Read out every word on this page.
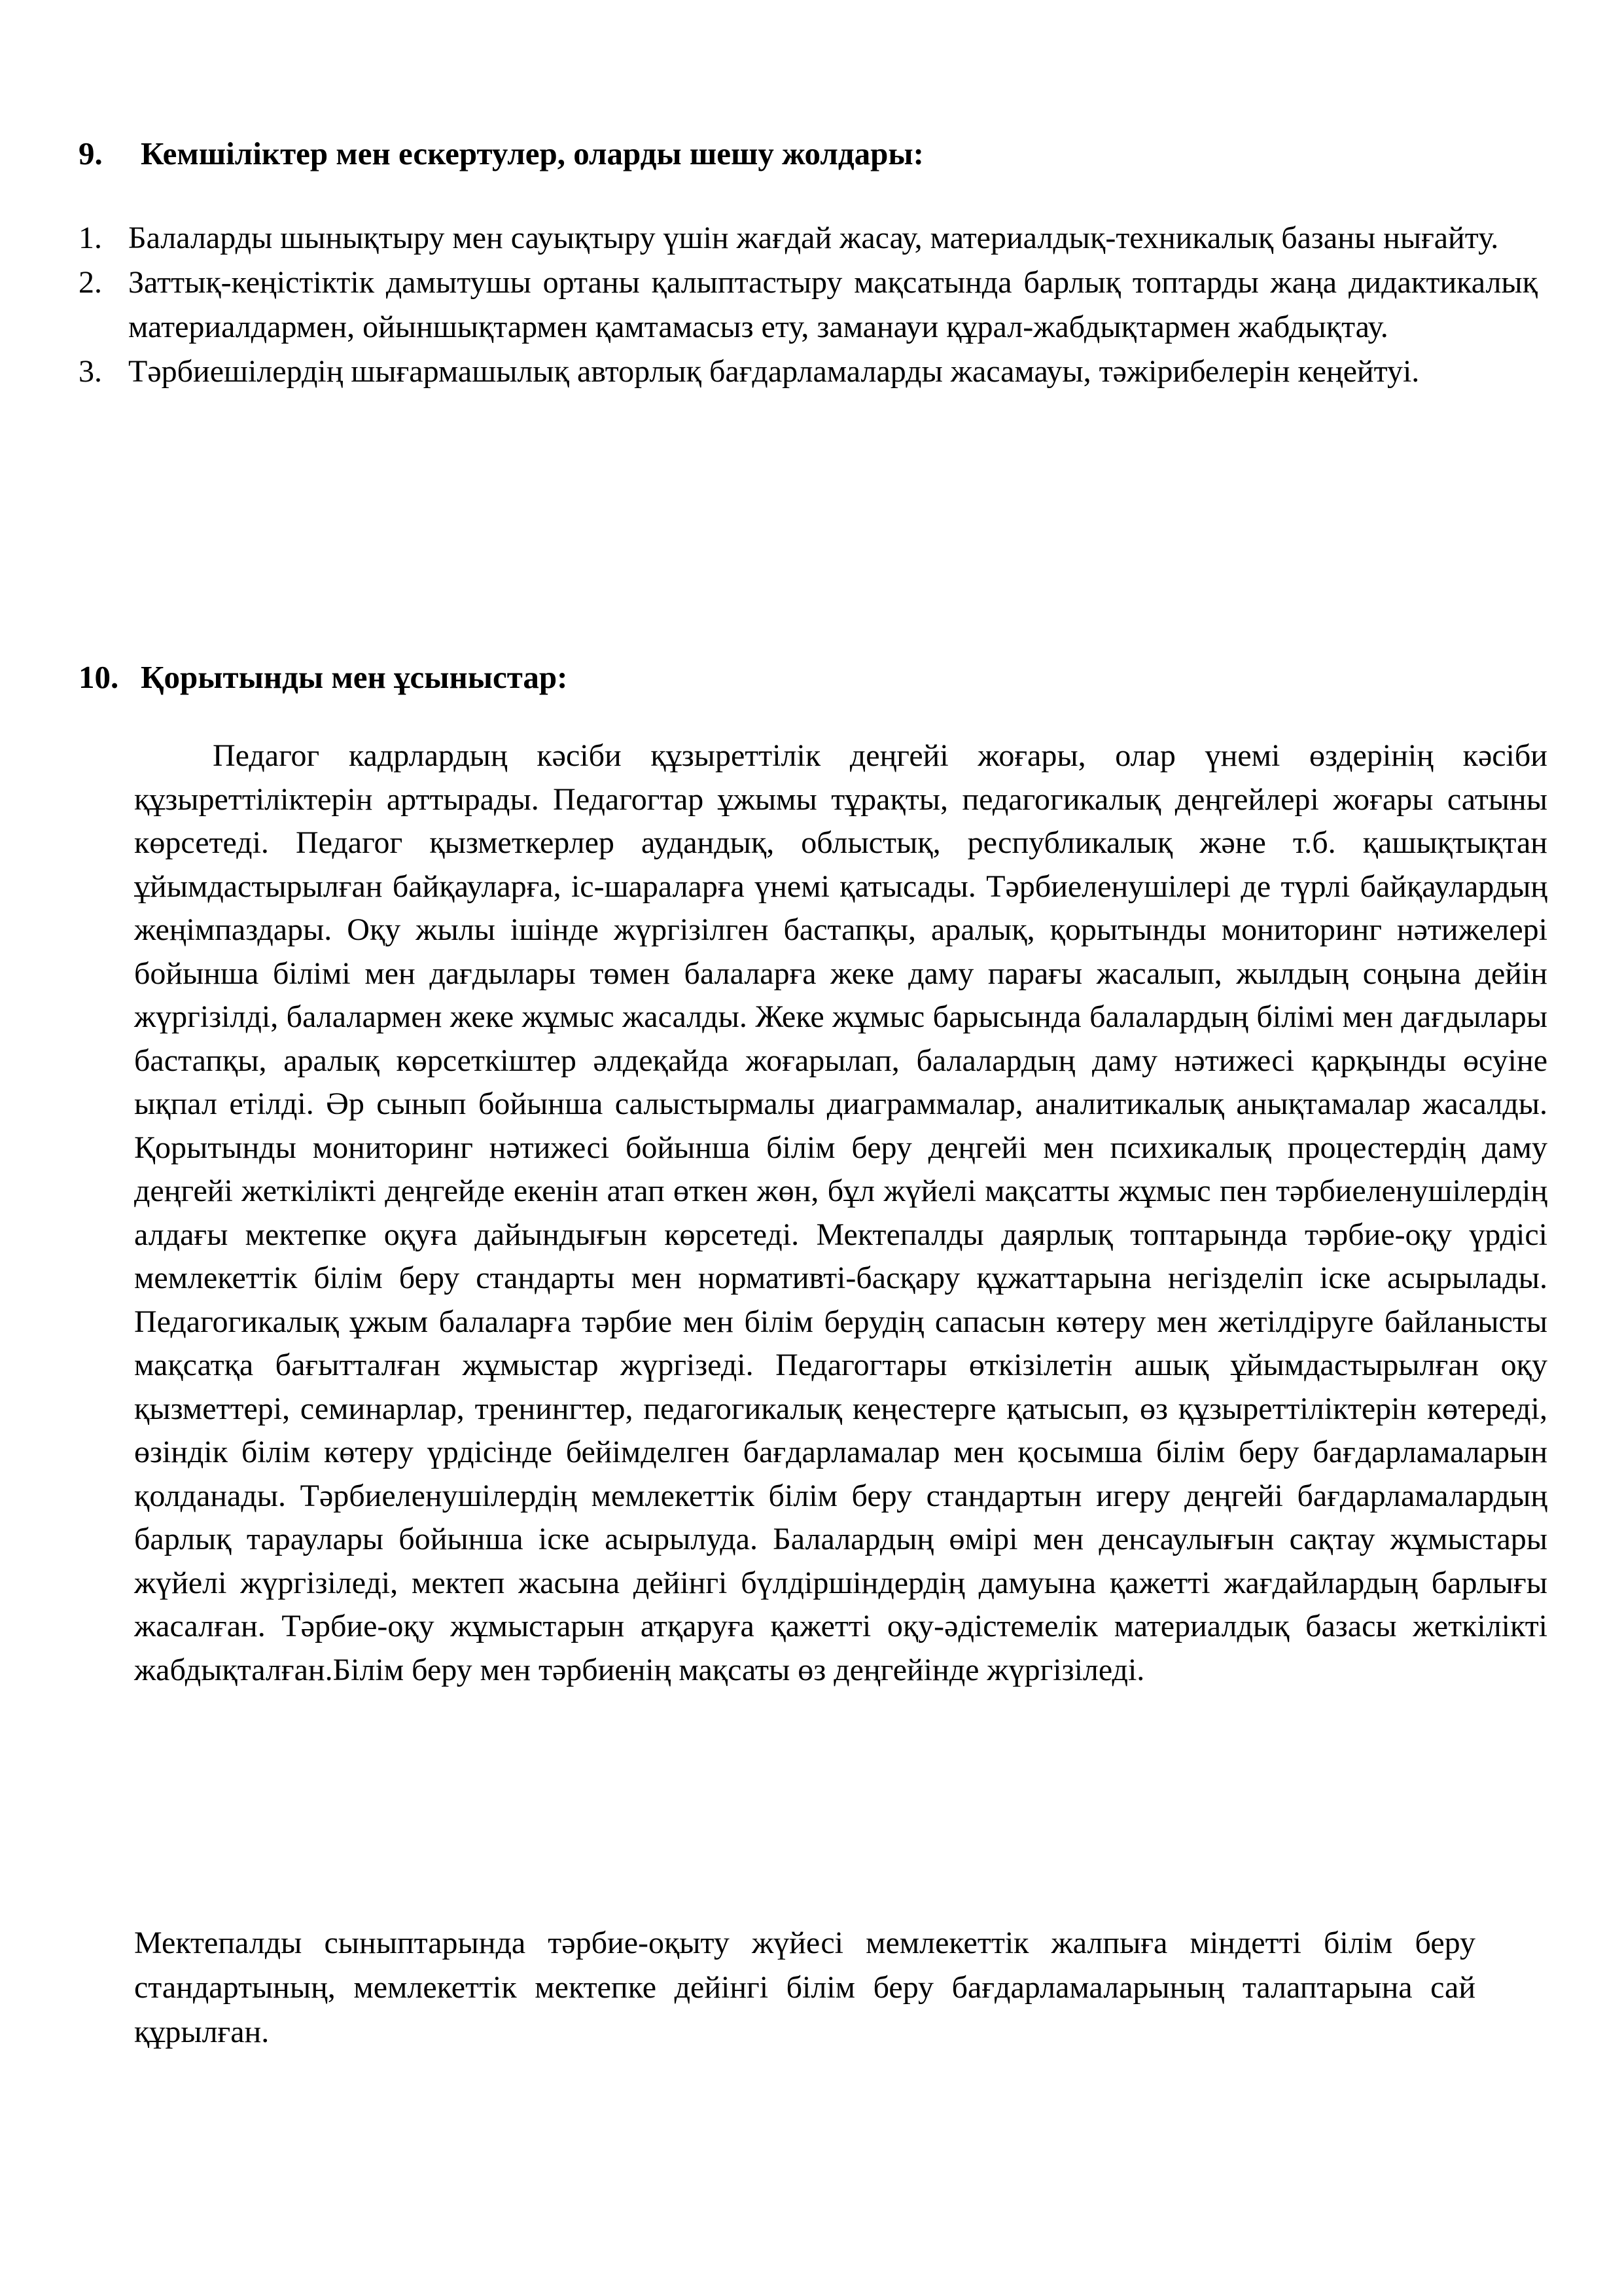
9. Кемшіліктер мен ескертулер, оларды шешу жолдары:

1. Балаларды шынықтыру мен сауықтыру үшін жағдай жасау, материалдық-техникалық базаны нығайту.

2. Заттық-кеңістіктік дамытушы ортаны қалыптастыру мақсатында барлық топтарды жаңа дидактикалық материалдармен, ойыншықтармен қамтамасыз ету, заманауи құрал-жабдықтармен жабдықтау.

3. Тәрбиешілердің шығармашылық авторлық бағдарламаларды жасамауы, тәжірибелерін кеңейтуі.

10. Қорытынды мен ұсыныстар:

Педагог кадрлардың кәсіби құзыреттілік деңгейі жоғары, олар үнемі өздерінің кәсіби құзыреттіліктерін арттырады. Педагогтар ұжымы тұрақты, педагогикалық деңгейлері жоғары сатыны көрсетеді. Педагог қызметкерлер аудандық, облыстық, республикалық және т.б. қашықтықтан ұйымдастырылған байқауларға, іс-шараларға үнемі қатысады. Тәрбиеленушілері де түрлі байқаулардың жеңімпаздары. Оқу жылы ішінде жүргізілген бастапқы, аралық, қорытынды мониторинг нәтижелері бойынша білімі мен дағдылары төмен балаларға жеке даму парағы жасалып, жылдың соңына дейін жүргізілді, балалармен жеке жұмыс жасалды. Жеке жұмыс барысында балалардың білімі мен дағдылары бастапқы, аралық көрсеткіштер әлдеқайда жоғарылап, балалардың даму нәтижесі қарқынды өсуіне ықпал етілді. Әр сынып бойынша салыстырмалы диаграммалар, аналитикалық анықтамалар жасалды. Қорытынды мониторинг нәтижесі бойынша білім беру деңгейі мен психикалық процестердің даму деңгейі жеткілікті деңгейде екенін атап өткен жөн, бұл жүйелі мақсатты жұмыс пен тәрбиеленушілердің алдағы мектепке оқуға дайындығын көрсетеді. Мектепалды даярлық топтарында тәрбие-оқу үрдісі мемлекеттік білім беру стандарты мен нормативті-басқару құжаттарына негізделіп іске асырылады. Педагогикалық ұжым балаларға тәрбие мен білім берудің сапасын көтеру мен жетілдіруге байланысты мақсатқа бағытталған жұмыстар жүргізеді. Педагогтары өткізілетін ашық ұйымдастырылған оқу қызметтері, семинарлар, тренингтер, педагогикалық кеңестерге қатысып, өз құзыреттіліктерін көтереді, өзіндік білім көтеру үрдісінде бейімделген бағдарламалар мен қосымша білім беру бағдарламаларын қолданады. Тәрбиеленушілердің мемлекеттік білім беру стандартын игеру деңгейі бағдарламалардың барлық тараулары бойынша іске асырылуда. Балалардың өмірі мен денсаулығын сақтау жұмыстары жүйелі жүргізіледі, мектеп жасына дейінгі бүлдіршіндердің дамуына қажетті жағдайлардың барлығы жасалған. Тәрбие-оқу жұмыстарын атқаруға қажетті оқу-әдістемелік материалдық базасы жеткілікті жабдықталған.Білім беру мен тәрбиенің мақсаты өз деңгейінде жүргізіледі.

Мектепалды сыныптарында тәрбие-оқыту жүйесі мемлекеттік жалпыға міндетті білім беру стандартының, мемлекеттік мектепке дейінгі білім беру бағдарламаларының талаптарына сай құрылған.
